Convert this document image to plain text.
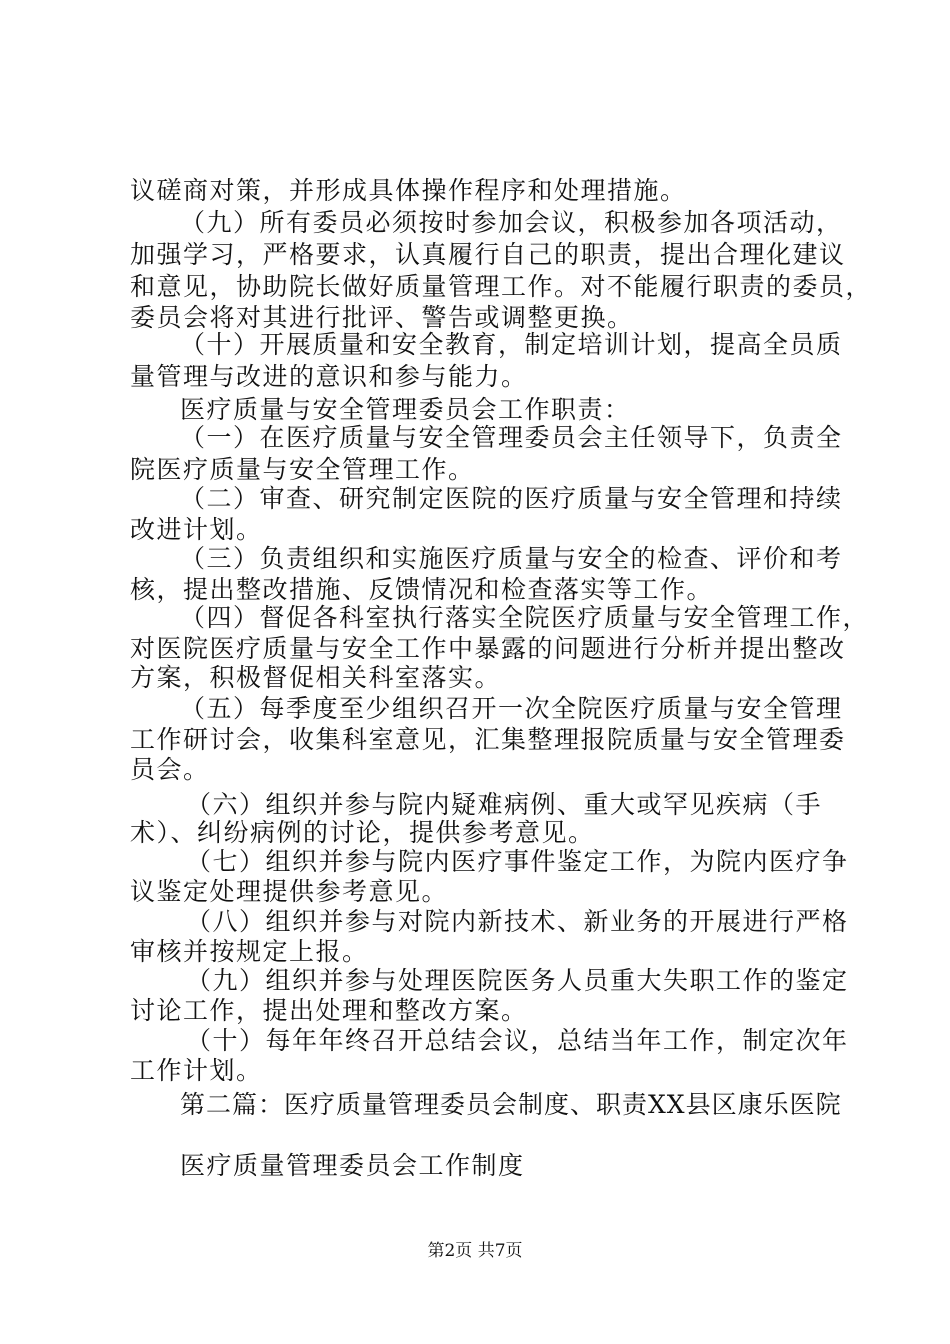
议磋商对策，并形成具体操作程序和处理措施。
（九）所有委员必须按时参加会议，积极参加各项活动，
加强学习，严格要求，认真履行自己的职责，提出合理化建议
和意见，协助院长做好质量管理工作。对不能履行职责的委员，
委员会将对其进行批评、警告或调整更换。
（十）开展质量和安全教育，制定培训计划，提高全员质
量管理与改进的意识和参与能力。
医疗质量与安全管理委员会工作职责：
（一）在医疗质量与安全管理委员会主任领导下，负责全
院医疗质量与安全管理工作。
（二）审查、研究制定医院的医疗质量与安全管理和持续
改进计划。
（三）负责组织和实施医疗质量与安全的检查、评价和考
核，提出整改措施、反馈情况和检查落实等工作。
（四）督促各科室执行落实全院医疗质量与安全管理工作，
对医院医疗质量与安全工作中暴露的问题进行分析并提出整改
方案，积极督促相关科室落实。
（五）每季度至少组织召开一次全院医疗质量与安全管理
工作研讨会，收集科室意见，汇集整理报院质量与安全管理委
员会。
（六）组织并参与院内疑难病例、重大或罕见疾病（手
术）、纠纷病例的讨论，提供参考意见。
（七）组织并参与院内医疗事件鉴定工作，为院内医疗争
议鉴定处理提供参考意见。
（八）组织并参与对院内新技术、新业务的开展进行严格
审核并按规定上报。
（九）组织并参与处理医院医务人员重大失职工作的鉴定
讨论工作，提出处理和整改方案。
（十）每年年终召开总结会议，总结当年工作，制定次年
工作计划。
第二篇：医疗质量管理委员会制度、职责XX县区康乐医院
医疗质量管理委员会工作制度
第2页 共7页
